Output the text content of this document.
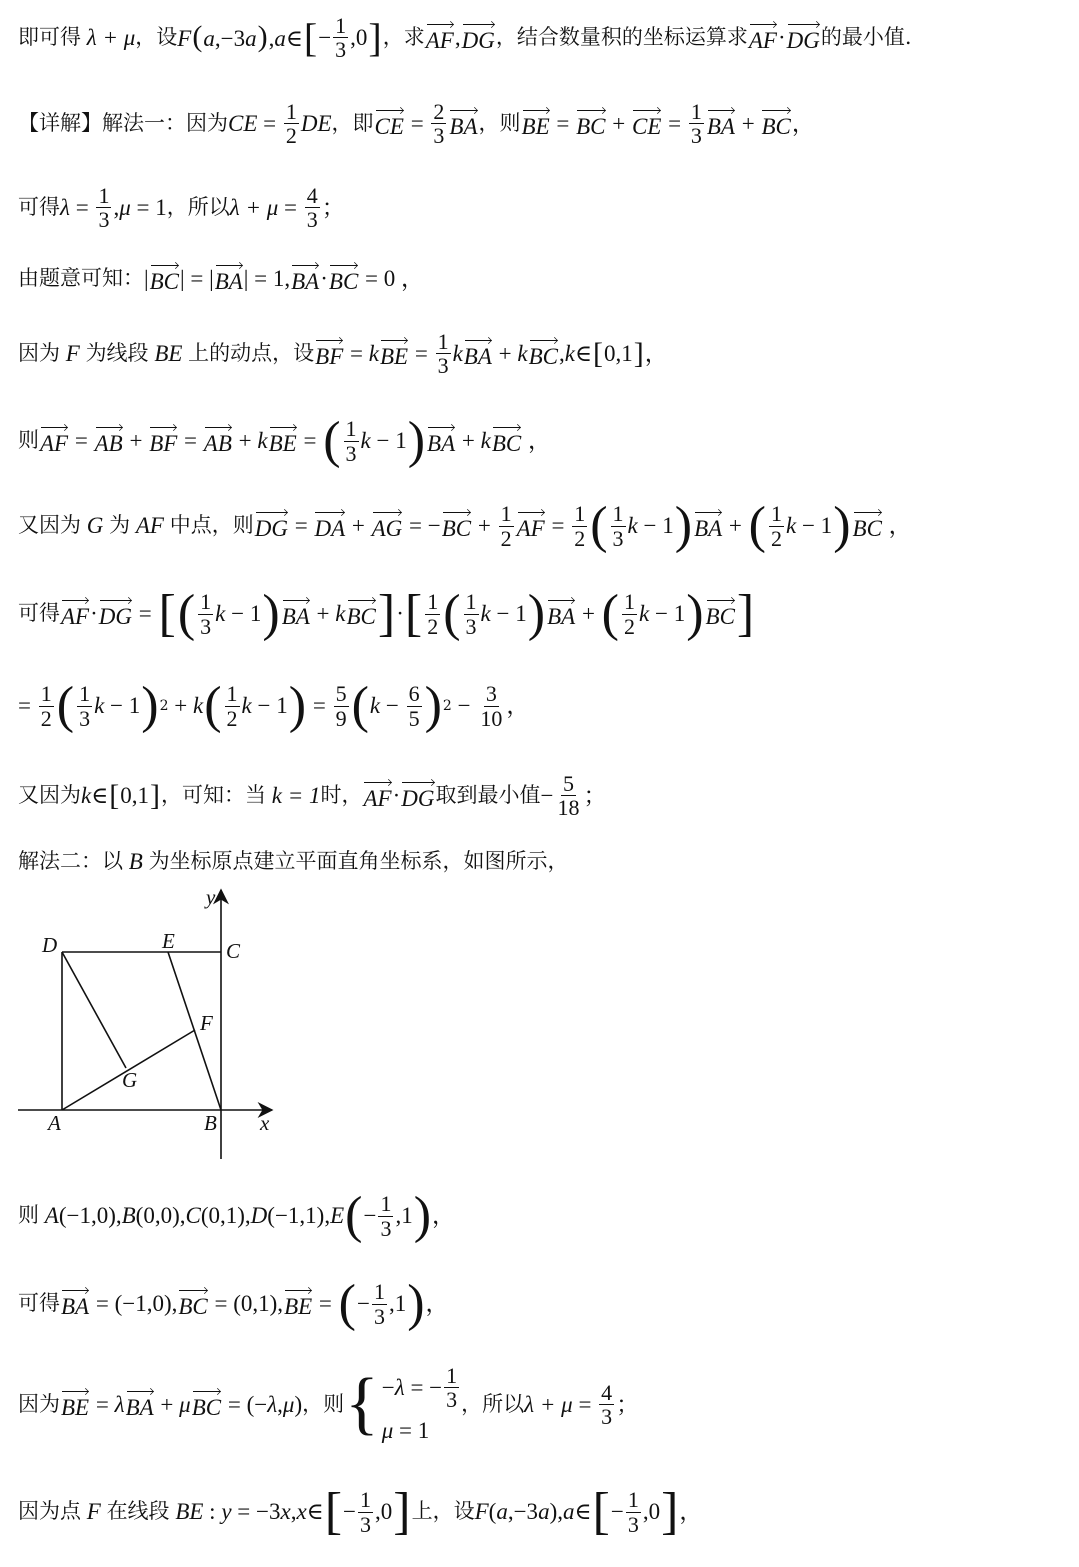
即可得 λ + μ ，设 F(a,−3a),a∈ [ − $\frac{1}{3} ,0$ ] ，求 AF , DG ，结合数量积的坐标运算求 AF · DG 的最小值.
【详解】 解法一：因为 CE = $\frac{1}{2}$ DE ，即 CE = $\frac{2}{3}$ BA ，则 BE = BC + CE = $\frac{1}{3}$ BA + BC ，
可得 $\lambda = \frac{1}{3} ,\mu = 1$ ，所以 $\lambda + \mu = \frac{4}{3}$ ；
由题意可知： | BC | = | BA | = 1, BA · BC = 0 ，
因为 F 为线段 BE 上的动点，设 BF = k BE = $\frac{1}{3}$ k BA + k BC ,k∈ [ 0,1 ] ，
则 AF = AB + BF = AB + k BE = ( $\frac{1}{3}$ k − 1 ) BA + k BC ，
又因为 G 为 AF 中点，则 DG = DA + AG = − BC + $\frac{1}{2}$ AF = $\frac{1}{2}$ ( $\frac{1}{3}$ k − 1 ) BA + ( $\frac{1}{2}$ k − 1 ) BC ，
可得 AF · DG = [ ( $\frac{1}{3}$ k − 1 ) BA + k BC ] · [ $\frac{1}{2}$ ( $\frac{1}{3}$ k − 1 ) BA + ( $\frac{1}{2}$ k − 1 ) BC ]
= $\frac{1}{2}$ ( $\frac{1}{3}$ k − 1 ) 2 + k ( $\frac{1}{2}$ k − 1 ) = $\frac{5}{9}$ ( $k - \frac{6}{5}$ ) $2 - \frac{3}{10}$ ，
又因为 k∈ [ 0,1 ] ，可知：当 k = 1 时， AF · DG 取到最小值 − $\frac{5}{18}$ ；
解法二：以 B 为坐标原点建立平面直角坐标系，如图所示，
D	E C
F
G
A	B x
y
则 A(−1,0),B(0,0),C(0,1),D(−1,1),E ( − $\frac{1}{3} ,1$ ) ，
可得 BA = (−1,0), BC = (0,1), BE = ( − $\frac{1}{3} ,1$ ) ，
因为 BE = λ BA + μ BC = (−λ,μ) ，则 { −λ = − $\frac{1}{3}$
μ = 1
，所以 $\lambda + \mu = \frac{4}{3}$ ；
因为点 F 在线段 BE : y = −3x,x∈ [ − $\frac{1}{3} ,0$ ] 上，设 F(a,−3a),a∈ [ − $\frac{1}{3} ,0$ ] ，
